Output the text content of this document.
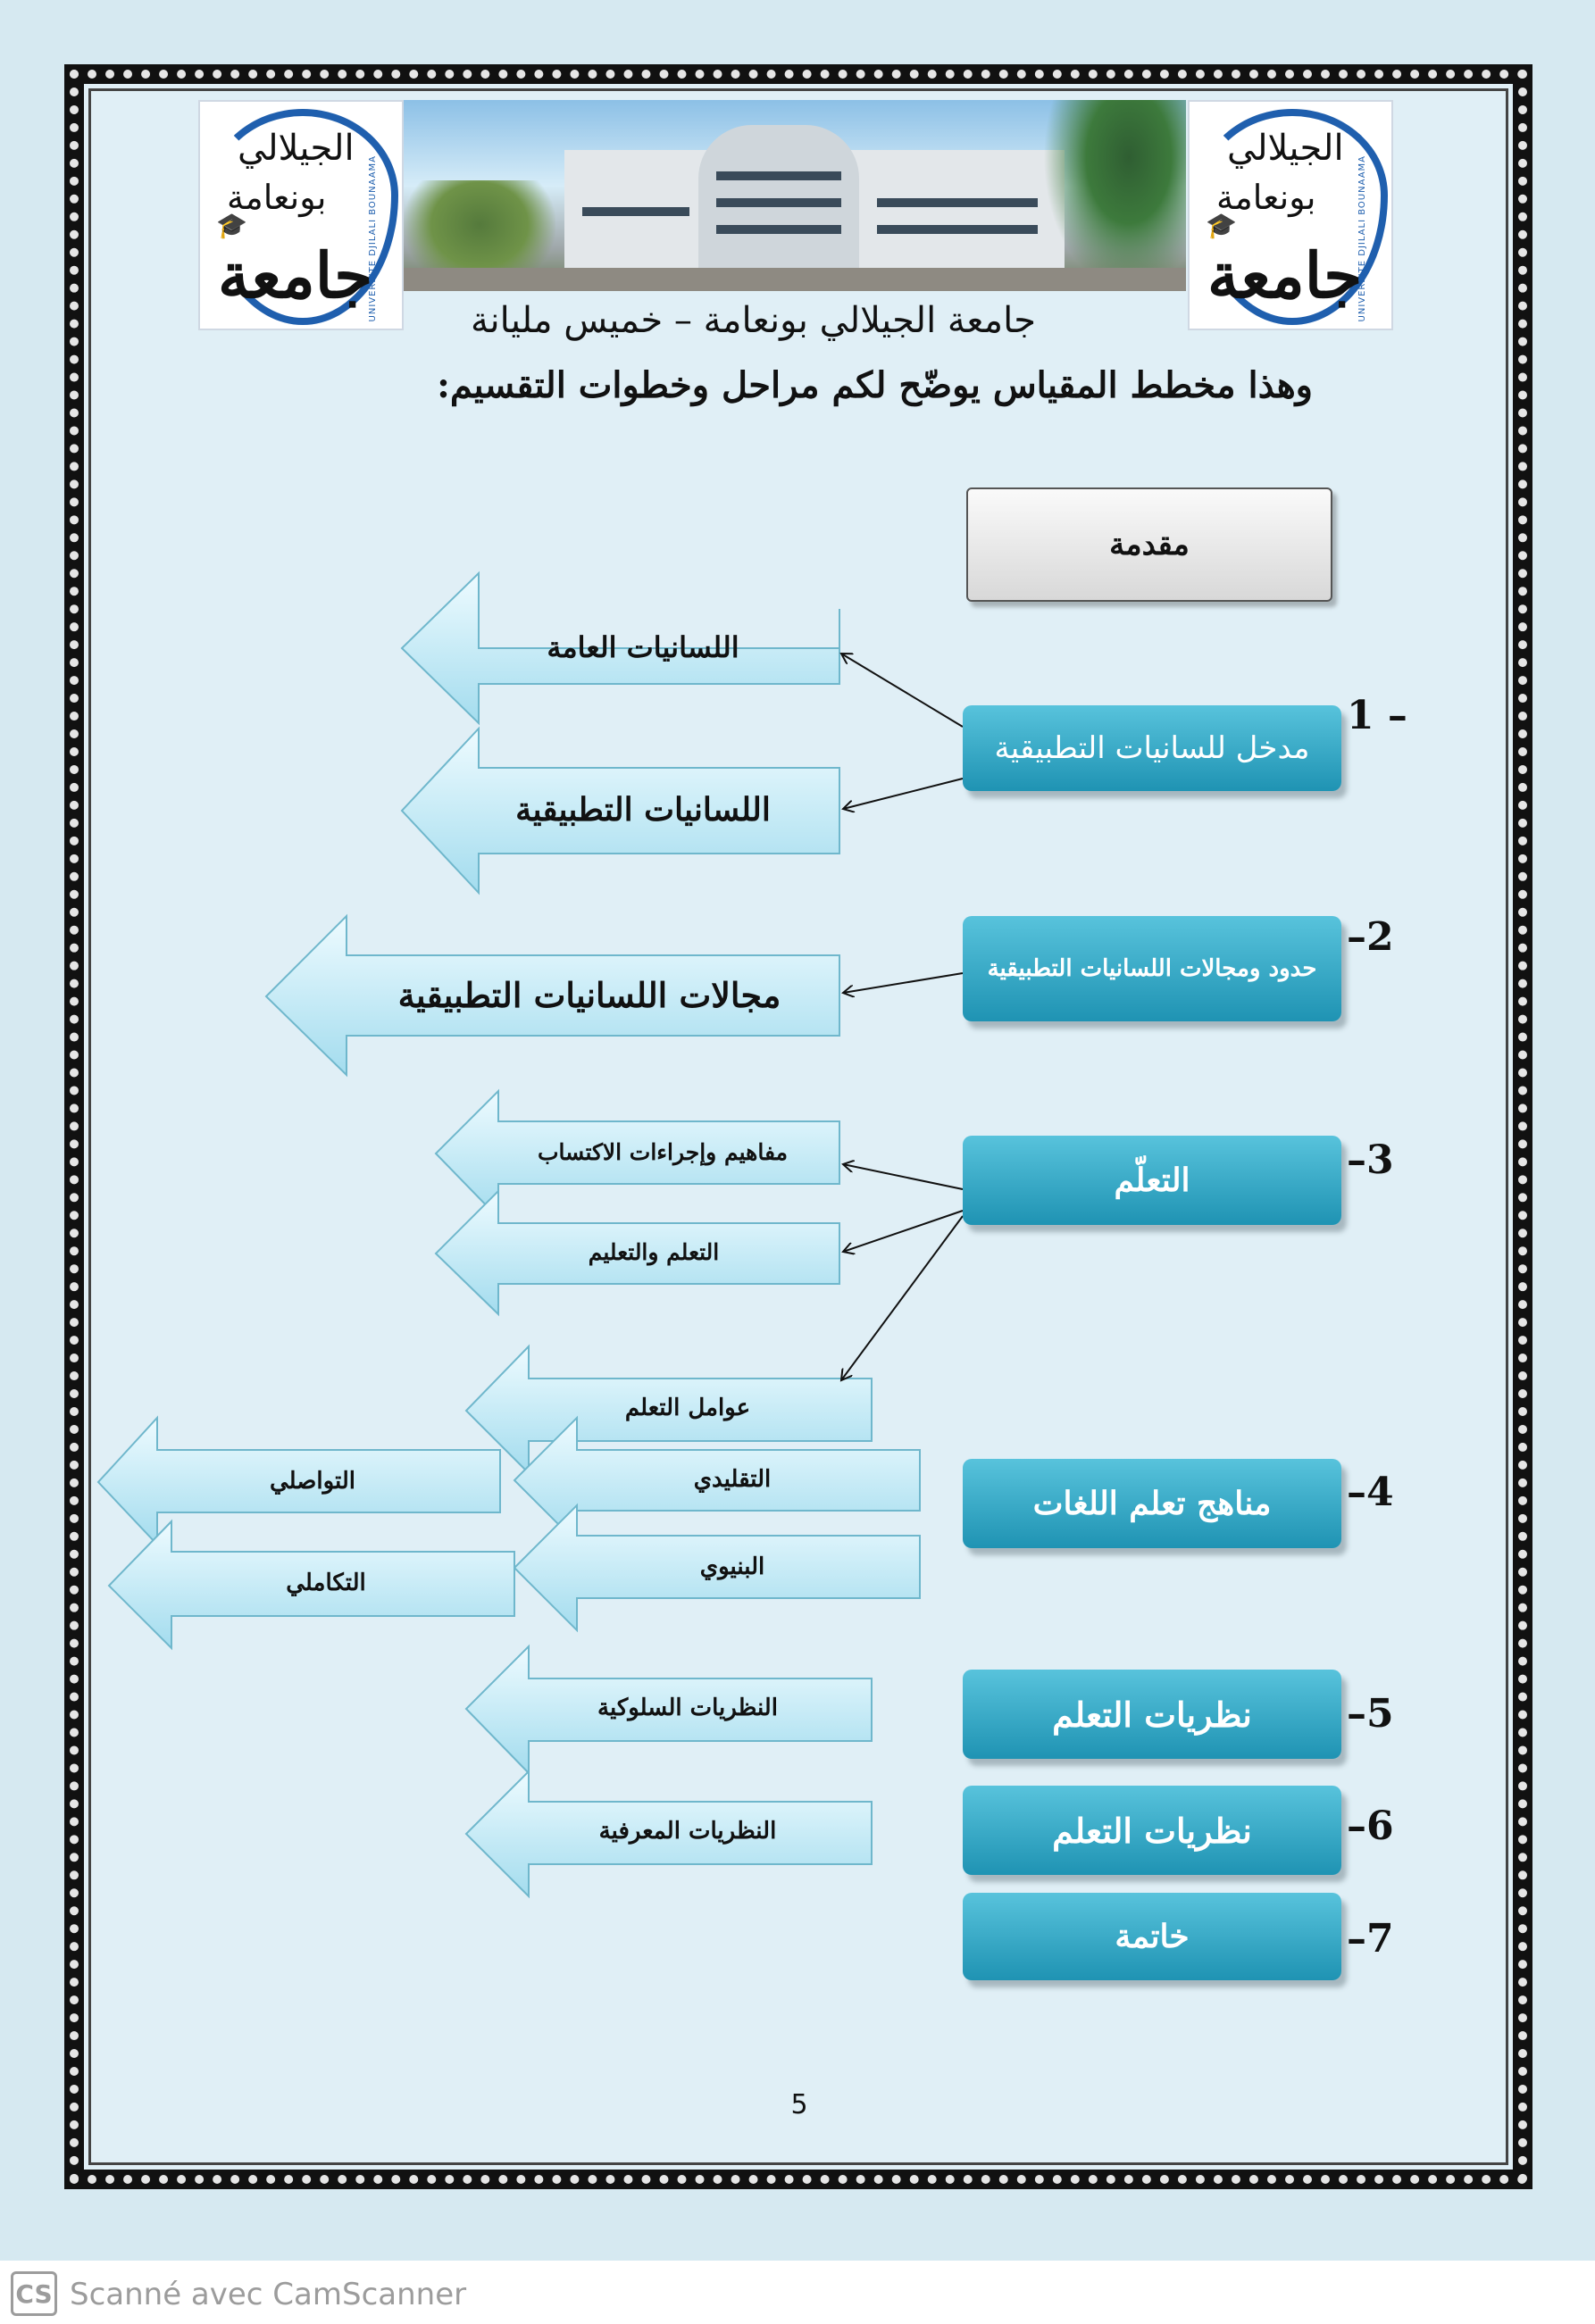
الجيلالي
بونعامة
🎓
جامعة
UNIVERSITE DJILALI BOUNAAMA
الجيلالي
بونعامة
🎓
جامعة
UNIVERSITE DJILALI BOUNAAMA
جامعة الجيلالي بونعامة – خميس مليانة
وهذا مخطط المقياس يوضّح لكم مراحل وخطوات التقسيم:
مقدمة
مدخل للسانيات التطبيقية
1 –
حدود ومجالات اللسانيات التطبيقية
–2
التعلّم	–3
مناهج تعلم اللغات	–4
نظريات التعلم	–5
نظريات التعلم	–6
خاتمة	–7
اللسانيات العامة
اللسانيات التطبيقية
مجالات اللسانيات التطبيقية
مفاهيم وإجراءات الاكتساب
التعلم والتعليم
عوامل التعلم
التقليدي
البنيوي
التواصلي
التكاملي
النظريات السلوكية
النظريات المعرفية
5
CS Scanné avec CamScanner
